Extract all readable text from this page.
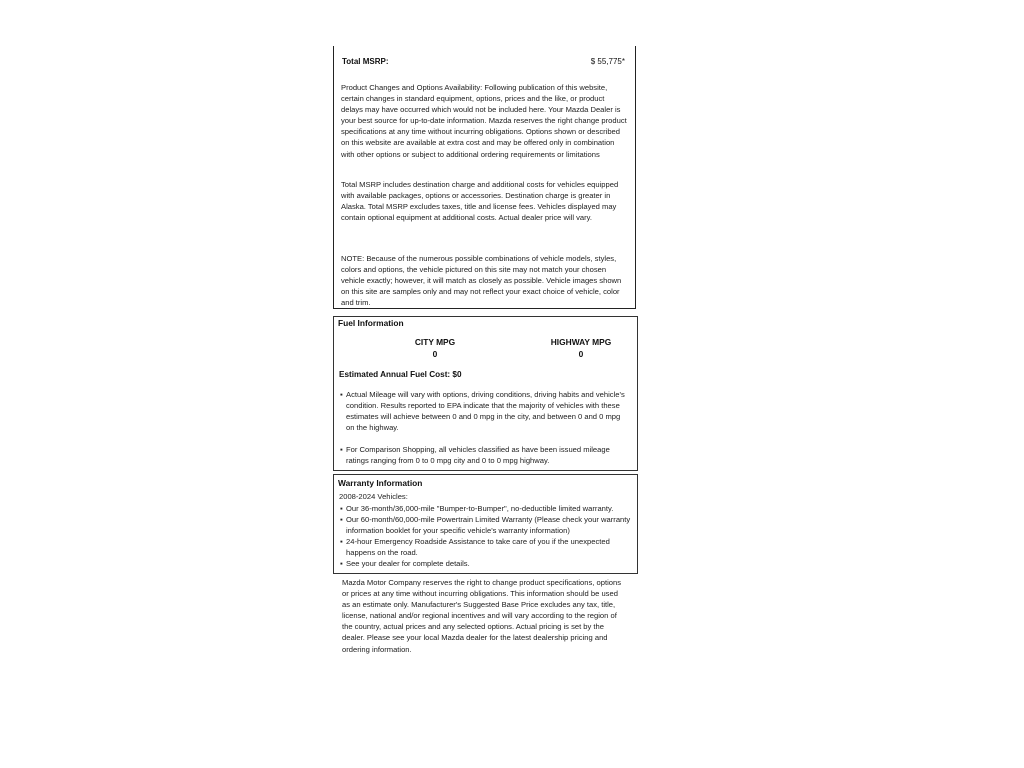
Total MSRP:	$ 55,775*
Product Changes and Options Availability: Following publication of this website, certain changes in standard equipment, options, prices and the like, or product delays may have occurred which would not be included here. Your Mazda Dealer is your best source for up-to-date information. Mazda reserves the right change product specifications at any time without incurring obligations. Options shown or described on this website are available at extra cost and may be offered only in combination with other options or subject to additional ordering requirements or limitations
Total MSRP includes destination charge and additional costs for vehicles equipped with available packages, options or accessories. Destination charge is greater in Alaska. Total MSRP excludes taxes, title and license fees. Vehicles displayed may contain optional equipment at additional costs. Actual dealer price will vary.
NOTE: Because of the numerous possible combinations of vehicle models, styles, colors and options, the vehicle pictured on this site may not match your chosen vehicle exactly; however, it will match as closely as possible. Vehicle images shown on this site are samples only and may not reflect your exact choice of vehicle, color and trim.
Fuel Information
CITY MPG
0
HIGHWAY MPG
0
Estimated Annual Fuel Cost: $0
▪ Actual Mileage will vary with options, driving conditions, driving habits and vehicle's condition. Results reported to EPA indicate that the majority of vehicles with these estimates will achieve between 0 and 0 mpg in the city, and between 0 and 0 mpg on the highway.
▪ For Comparison Shopping, all vehicles classified as have been issued mileage ratings ranging from 0 to 0 mpg city and 0 to 0 mpg highway.
Warranty Information
2008-2024 Vehicles:
▪ Our 36-month/36,000-mile "Bumper-to-Bumper", no-deductible limited warranty.
▪ Our 60-month/60,000-mile Powertrain Limited Warranty (Please check your warranty information booklet for your specific vehicle's warranty information)
▪ 24-hour Emergency Roadside Assistance to take care of you if the unexpected happens on the road.
▪ See your dealer for complete details.
Mazda Motor Company reserves the right to change product specifications, options or prices at any time without incurring obligations. This information should be used as an estimate only. Manufacturer's Suggested Base Price excludes any tax, title, license, national and/or regional incentives and will vary according to the region of the country, actual prices and any selected options. Actual pricing is set by the dealer. Please see your local Mazda dealer for the latest dealership pricing and ordering information.
